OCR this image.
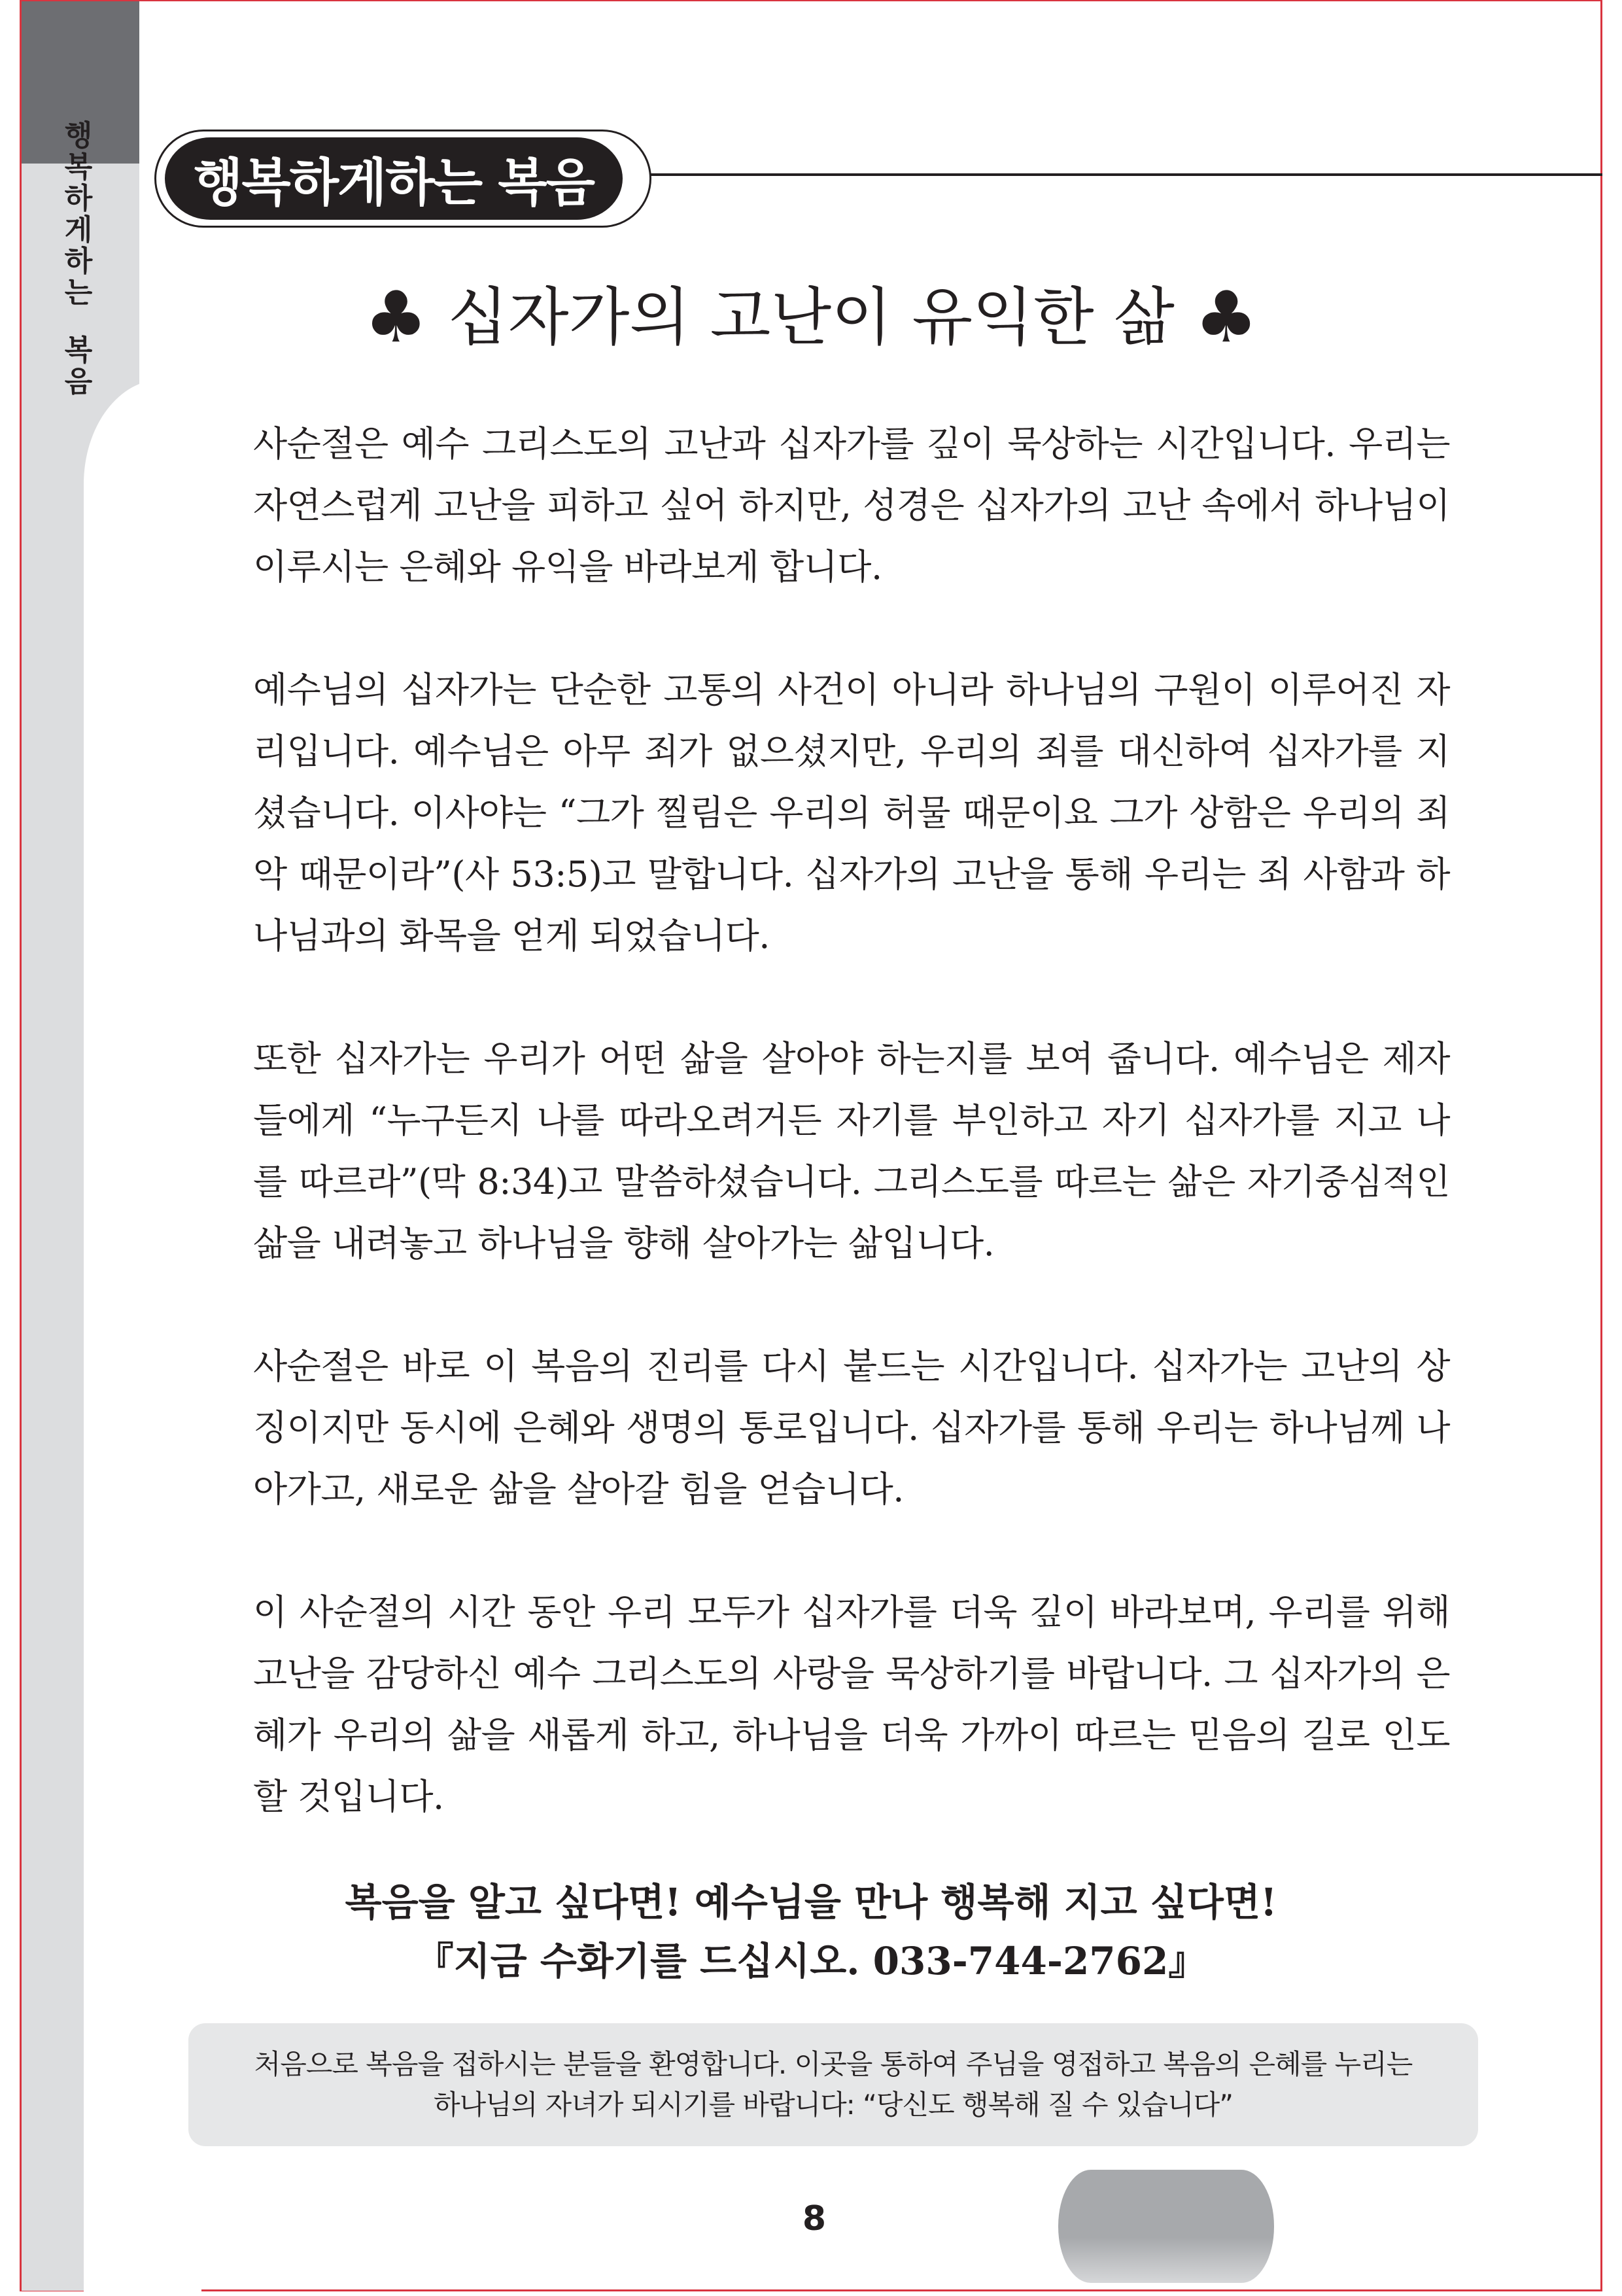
행
복
하
게
하
는
복
음
행복하게하는 복음
♣ 십자가의 고난이 유익한 삶 ♣

사순절은 예수 그리스도의 고난과 십자가를 깊이 묵상하는 시간입니다. 우리는 자연스럽게 고난을 피하고 싶어 하지만, 성경은 십자가의 고난 속에서 하나님이 이루시는 은혜와 유익을 바라보게 합니다.

예수님의 십자가는 단순한 고통의 사건이 아니라 하나님의 구원이 이루어진 자리입니다. 예수님은 아무 죄가 없으셨지만, 우리의 죄를 대신하여 십자가를 지셨습니다. 이사야는 “그가 찔림은 우리의 허물 때문이요 그가 상함은 우리의 죄악 때문이라”(사 53:5)고 말합니다. 십자가의 고난을 통해 우리는 죄 사함과 하나님과의 화목을 얻게 되었습니다.

또한 십자가는 우리가 어떤 삶을 살아야 하는지를 보여 줍니다. 예수님은 제자들에게 “누구든지 나를 따라오려거든 자기를 부인하고 자기 십자가를 지고 나를 따르라”(막 8:34)고 말씀하셨습니다. 그리스도를 따르는 삶은 자기중심적인 삶을 내려놓고 하나님을 향해 살아가는 삶입니다.

사순절은 바로 이 복음의 진리를 다시 붙드는 시간입니다. 십자가는 고난의 상징이지만 동시에 은혜와 생명의 통로입니다. 십자가를 통해 우리는 하나님께 나아가고, 새로운 삶을 살아갈 힘을 얻습니다.

이 사순절의 시간 동안 우리 모두가 십자가를 더욱 깊이 바라보며, 우리를 위해 고난을 감당하신 예수 그리스도의 사랑을 묵상하기를 바랍니다. 그 십자가의 은혜가 우리의 삶을 새롭게 하고, 하나님을 더욱 가까이 따르는 믿음의 길로 인도할 것입니다.

복음을 알고 싶다면! 예수님을 만나 행복해 지고 싶다면!
『지금 수화기를 드십시오. 033-744-2762』
처음으로 복음을 접하시는 분들을 환영합니다. 이곳을 통하여 주님을 영접하고 복음의 은혜를 누리는
하나님의 자녀가 되시기를 바랍니다: “당신도 행복해 질 수 있습니다”
8
